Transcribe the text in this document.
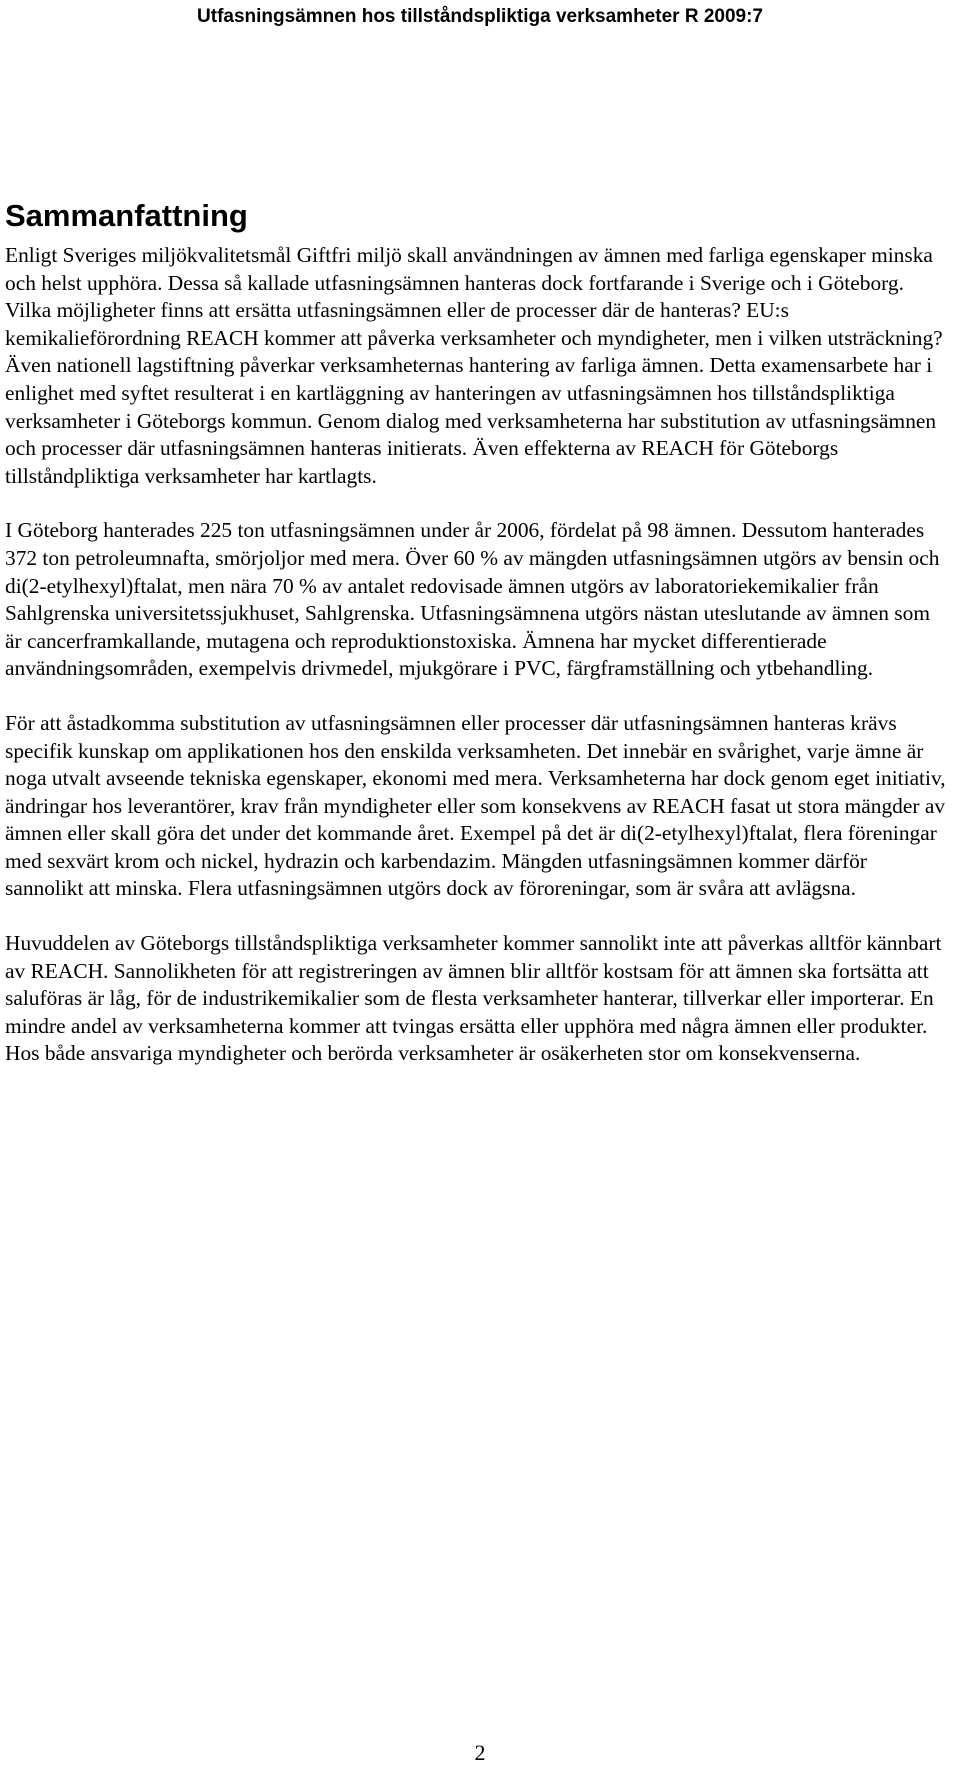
Utfasningsämnen hos tillståndspliktiga verksamheter R 2009:7
Sammanfattning

Enligt Sveriges miljökvalitetsmål Giftfri miljö skall användningen av ämnen med farliga egenskaper minska och helst upphöra. Dessa så kallade utfasningsämnen hanteras dock fortfarande i Sverige och i Göteborg. Vilka möjligheter finns att ersätta utfasningsämnen eller de processer där de hanteras? EU:s kemikalieförordning REACH kommer att påverka verksamheter och myndigheter, men i vilken utsträckning? Även nationell lagstiftning påverkar verksamheternas hantering av farliga ämnen. Detta examensarbete har i enlighet med syftet resulterat i en kartläggning av hanteringen av utfasningsämnen hos tillståndspliktiga verksamheter i Göteborgs kommun. Genom dialog med verksamheterna har substitution av utfasningsämnen och processer där utfasningsämnen hanteras initierats. Även effekterna av REACH för Göteborgs tillståndpliktiga verksamheter har kartlagts.

I Göteborg hanterades 225 ton utfasningsämnen under år 2006, fördelat på 98 ämnen. Dessutom hanterades 372 ton petroleumnafta, smörjoljor med mera. Över 60 % av mängden utfasningsämnen utgörs av bensin och di(2-etylhexyl)ftalat, men nära 70 % av antalet redovisade ämnen utgörs av laboratoriekemikalier från Sahlgrenska universitetssjukhuset, Sahlgrenska. Utfasningsämnena utgörs nästan uteslutande av ämnen som är cancerframkallande, mutagena och reproduktionstoxiska. Ämnena har mycket differentierade användningsområden, exempelvis drivmedel, mjukgörare i PVC, färgframställning och ytbehandling.

För att åstadkomma substitution av utfasningsämnen eller processer där utfasningsämnen hanteras krävs specifik kunskap om applikationen hos den enskilda verksamheten. Det innebär en svårighet, varje ämne är noga utvalt avseende tekniska egenskaper, ekonomi med mera. Verksamheterna har dock genom eget initiativ, ändringar hos leverantörer, krav från myndigheter eller som konsekvens av REACH fasat ut stora mängder av ämnen eller skall göra det under det kommande året. Exempel på det är di(2-etylhexyl)ftalat, flera föreningar med sexvärt krom och nickel, hydrazin och karbendazim. Mängden utfasningsämnen kommer därför sannolikt att minska. Flera utfasningsämnen utgörs dock av föroreningar, som är svåra att avlägsna.

Huvuddelen av Göteborgs tillståndspliktiga verksamheter kommer sannolikt inte att påverkas alltför kännbart av REACH. Sannolikheten för att registreringen av ämnen blir alltför kostsam för att ämnen ska fortsätta att saluföras är låg, för de industrikemikalier som de flesta verksamheter hanterar, tillverkar eller importerar. En mindre andel av verksamheterna kommer att tvingas ersätta eller upphöra med några ämnen eller produkter. Hos både ansvariga myndigheter och berörda verksamheter är osäkerheten stor om konsekvenserna.

2
